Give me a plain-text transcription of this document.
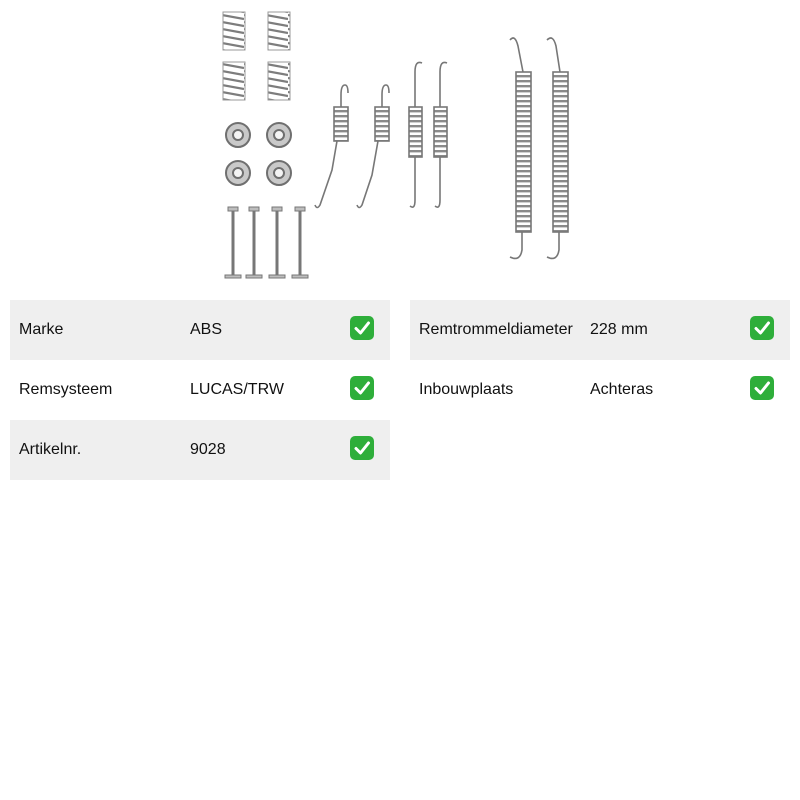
Marke	ABS
Remsysteem	LUCAS/TRW
Artikelnr.	9028
Remtrommeldiameter 228 mm
Inbouwplaats	Achteras
